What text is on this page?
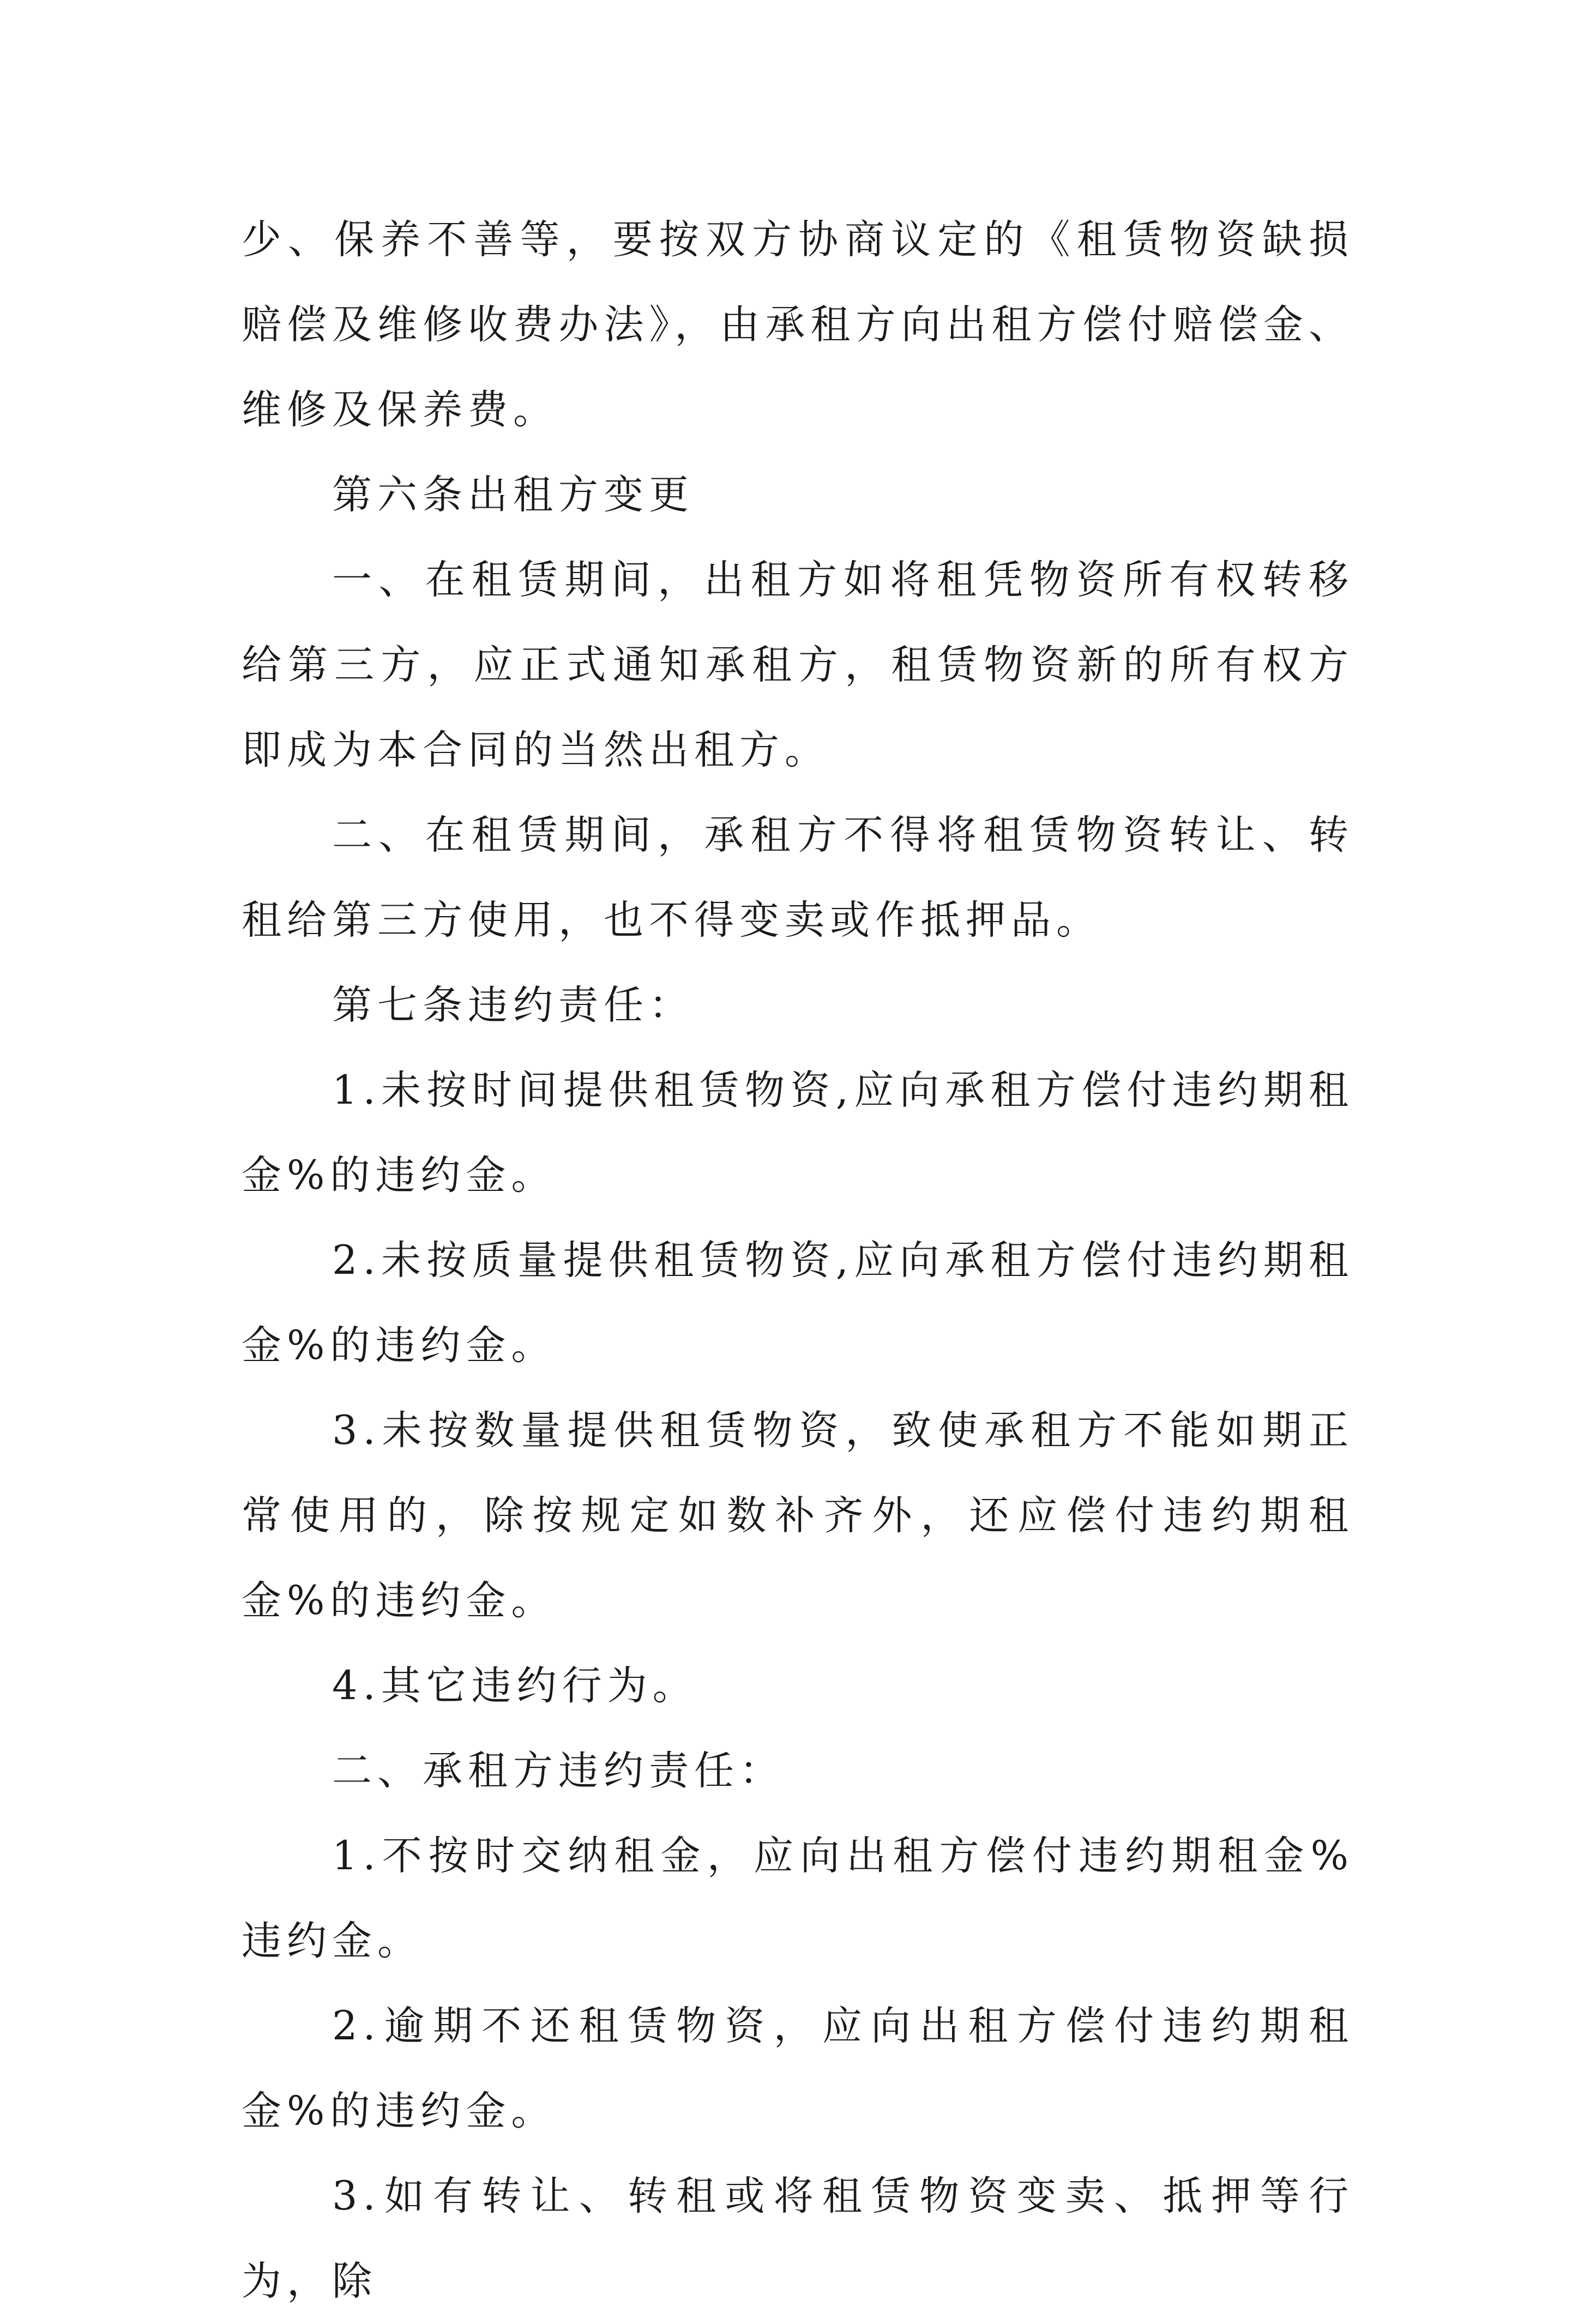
少、保养不善等，要按双方协商议定的《租赁物资缺损赔偿及维修收费办法》，由承租方向出租方偿付赔偿金、维修及保养费。

第六条出租方变更

一、在租赁期间，出租方如将租凭物资所有权转移给第三方，应正式通知承租方，租赁物资新的所有权方即成为本合同的当然出租方。

二、在租赁期间，承租方不得将租赁物资转让、转租给第三方使用，也不得变卖或作抵押品。

第七条违约责任：

1.未按时间提供租赁物资,应向承租方偿付违约期租金%的违约金。

2.未按质量提供租赁物资,应向承租方偿付违约期租金%的违约金。

3.未按数量提供租赁物资，致使承租方不能如期正常使用的，除按规定如数补齐外，还应偿付违约期租金%的违约金。

4.其它违约行为。

二、承租方违约责任：

1.不按时交纳租金，应向出租方偿付违约期租金%违约金。

2.逾期不还租赁物资，应向出租方偿付违约期租金%的违约金。

3.如有转让、转租或将租赁物资变卖、抵押等行为，除
